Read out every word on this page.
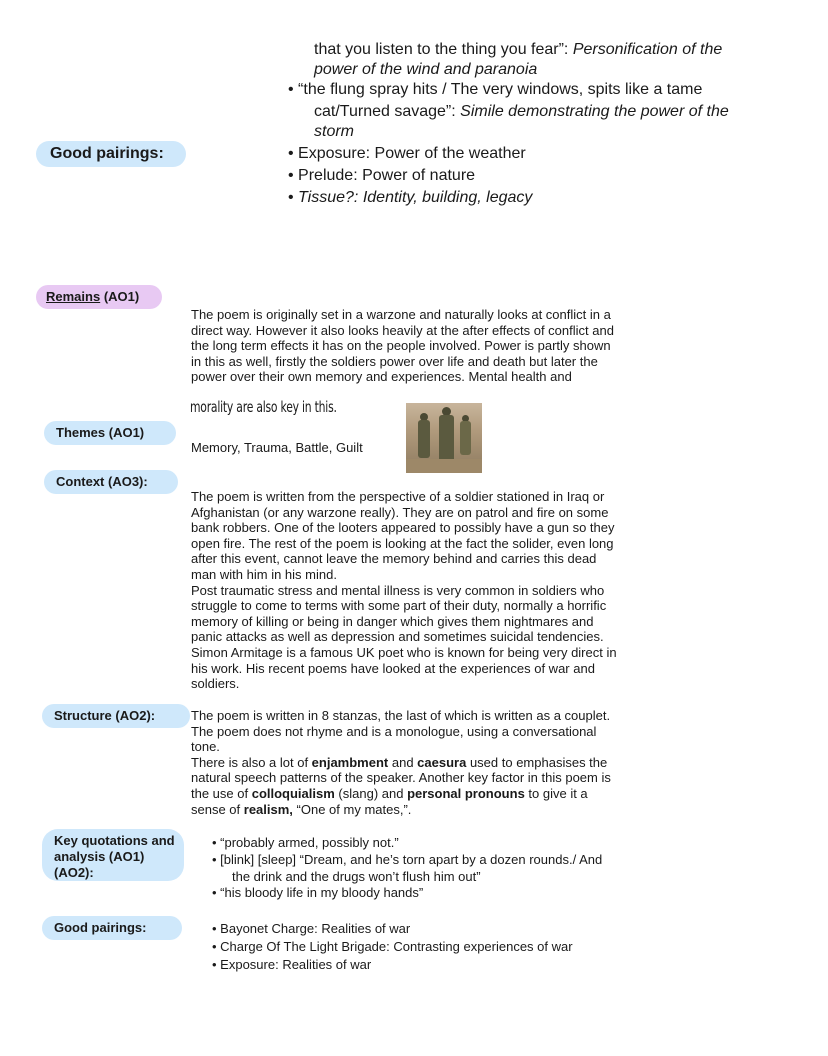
that you listen to the thing you fear”: Personification of the
power of the wind and paranoia
• “the flung spray hits / The very windows, spits like a tame
cat/Turned savage”: Simile demonstrating the power of the
storm
Good pairings:	• Exposure: Power of the weather
• Prelude: Power of nature
• Tissue?: Identity, building, legacy
Remains (AO1)
The poem is originally set in a warzone and naturally looks at conflict in a
direct way. However it also looks heavily at the after effects of conflict and
the long term effects it has on the people involved. Power is partly shown
in this as well, firstly the soldiers power over life and death but later the
power over their own memory and experiences. Mental health and
morality are also key in this.
Themes (AO1)
Memory, Trauma, Battle, Guilt
Context (AO3):
The poem is written from the perspective of a soldier stationed in Iraq or
Afghanistan (or any warzone really). They are on patrol and fire on some
bank robbers. One of the looters appeared to possibly have a gun so they
open fire. The rest of the poem is looking at the fact the solider, even long
after this event, cannot leave the memory behind and carries this dead
man with him in his mind.
Post traumatic stress and mental illness is very common in soldiers who
struggle to come to terms with some part of their duty, normally a horrific
memory of killing or being in danger which gives them nightmares and
panic attacks as well as depression and sometimes suicidal tendencies.
Simon Armitage is a famous UK poet who is known for being very direct in
his work. His recent poems have looked at the experiences of war and
soldiers.
Structure (AO2):	The poem is written in 8 stanzas, the last of which is written as a couplet.
The poem does not rhyme and is a monologue, using a conversational
tone.
There is also a lot of enjambment and caesura used to emphasises the
natural speech patterns of the speaker. Another key factor in this poem is
the use of colloquialism (slang) and personal pronouns to give it a
sense of realism, “One of my mates,”.
Key quotations and
analysis (AO1)
(AO2):
• “probably armed, possibly not.”
• [blink] [sleep] “Dream, and he’s torn apart by a dozen rounds./ And
the drink and the drugs won’t flush him out”
• “his bloody life in my bloody hands”
Good pairings:	• Bayonet Charge: Realities of war
• Charge Of The Light Brigade: Contrasting experiences of war
• Exposure: Realities of war
